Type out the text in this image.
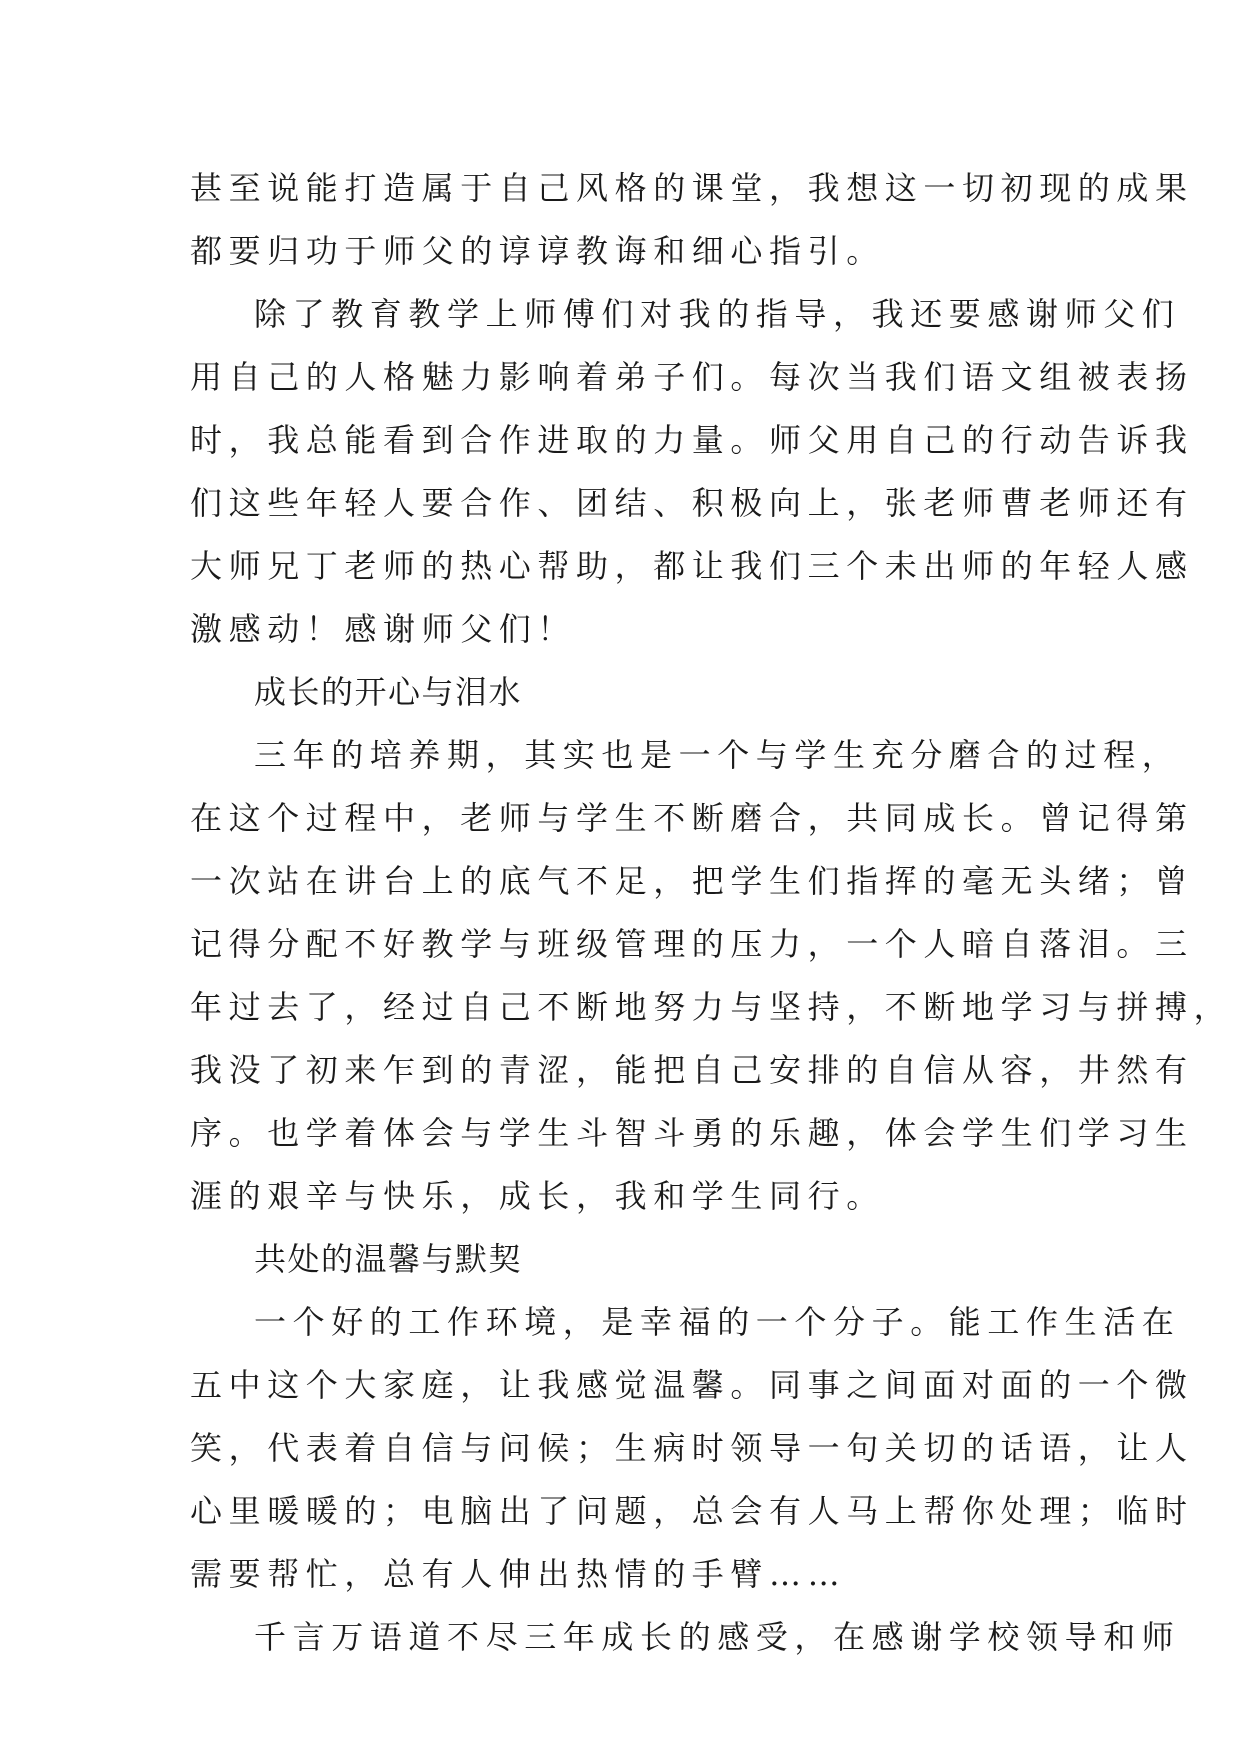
甚至说能打造属于自己风格的课堂，我想这一切初现的成果
都要归功于师父的谆谆教诲和细心指引。
除了教育教学上师傅们对我的指导，我还要感谢师父们
用自己的人格魅力影响着弟子们。每次当我们语文组被表扬
时，我总能看到合作进取的力量。师父用自己的行动告诉我
们这些年轻人要合作、团结、积极向上，张老师曹老师还有
大师兄丁老师的热心帮助，都让我们三个未出师的年轻人感
激感动！感谢师父们！
成长的开心与泪水
三年的培养期，其实也是一个与学生充分磨合的过程，
在这个过程中，老师与学生不断磨合，共同成长。曾记得第
一次站在讲台上的底气不足，把学生们指挥的毫无头绪；曾
记得分配不好教学与班级管理的压力，一个人暗自落泪。三
年过去了，经过自己不断地努力与坚持，不断地学习与拼搏，
我没了初来乍到的青涩，能把自己安排的自信从容，井然有
序。也学着体会与学生斗智斗勇的乐趣，体会学生们学习生
涯的艰辛与快乐，成长，我和学生同行。
共处的温馨与默契
一个好的工作环境，是幸福的一个分子。能工作生活在
五中这个大家庭，让我感觉温馨。同事之间面对面的一个微
笑，代表着自信与问候；生病时领导一句关切的话语，让人
心里暖暖的；电脑出了问题，总会有人马上帮你处理；临时
需要帮忙，总有人伸出热情的手臂……
千言万语道不尽三年成长的感受，在感谢学校领导和师
